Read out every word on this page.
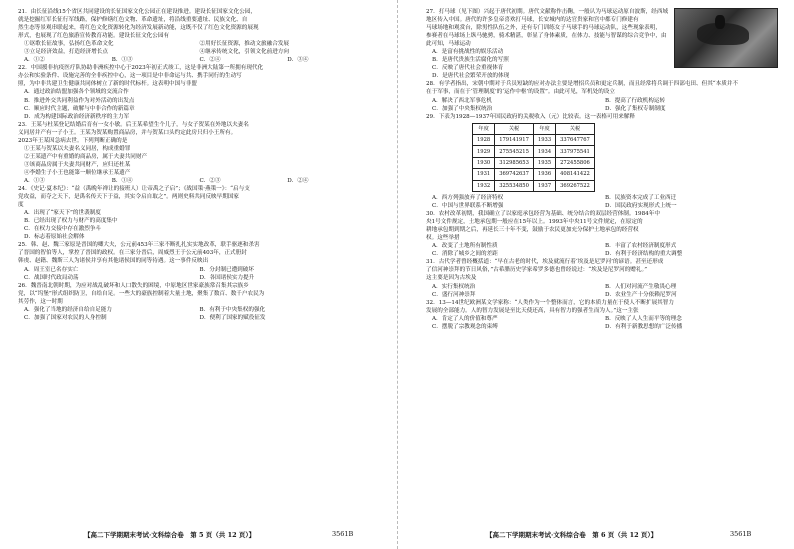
21．由长征沿线15个省区共同建设的长征国家文化公园正在建设推进。建设长征国家文化公园，

就是挖掘红军长征行军线路，保护修缮红色文物、革命遗址，将沿线重要遗址、民族文化、自

然生态等景观串联起来，将红色文化资源转化为经济发展新动能，这既不仅了红色文化资源的展现

形式，也展现了红色旅游宣传教育功能。建设长征文化公园有

①讴歌长征故事，弘扬红色革命文化	②用好长征资源，推动文旅融合发展
③立足经济效益，打造经济增长点	④继承传统文化，引领文化前进方向
A．①②	B．①③	C．②④	D．③④

22．中国援非抗疫医疗队协助非洲疾控中心于2023年初正式竣工，这是非洲大陆第一所拥有现代化

办公和实验条件、设施完善的全非疾控中心，这一项目是中非命运与共、携手同行的生动写

照，为中非共建卫生健康共同体树立了新的时代标杆。这表明中国与非盟

A．通过政治结盟加强各个领域的交流合作

B．推进外交共同利益作为对外活动的出发点

C．顺应时代主题，破解与中非合作的新篇章

D．成为构建国际政治经济新秩序的主力军

23．王某与杜某登记结婚后育有一女小敏。后王某希望生个儿子，与女子贺某在外地以夫妻名

义同居并产有一子小王。王某为贺某购置商品房，并与贺某口头约定此房只归小王所有。

2023年王某因急病去世。下列判断正确的是

①王某与贺某以夫妻名义同居，构成重婚罪

②王某遗产中有重婚的商品房，属于夫妻共同财产

③该商品房属于夫妻共同财产，应归还杜某

④李婚生子小王也能第一顺位继承王某遗产

A．①③	B．①④	C．②③	D．②④

24．《史记·夏本纪》：“益（禹晚年禅让的接班人）让帝禹之子启”；《战国策·燕策一》：“启与支

党攻益，而夺之天下，是禹名传天下于益，其实令启自取之”。两则史料共同反映早期国家

度

A．出现了“家天下”的世袭制度

B．已经出现了权力与财产的高度集中

C．在权力交接中存在激烈争斗

D．标志着原始社会解体

25．韩、赵、魏三家原是晋国的卿大夫，公元前453年三家不断扎扎实实地改革，联手驱逐和杀害

了晋国的智伯等人，掌控了晋国的政权。在三家分晋后，周威烈王于公元前403年，正式册封

韩虔、赵籍、魏斯三人为诸侯并享有其他诸侯国的同等待遇。这一事件反映出

A．周王室已名存实亡	B．分封制已遭到破坏
C．战国时代政局动荡	D．各国诸侯实力提升

26．魏晋南北朝时期，为应对战乱破坏和人口散失的困境，中原地区世家豪族常召集其宗族乡

党，以“坞堡”形式组织防卫，自给自足。一些大的豪族控制着大量土地，聚集了数百、数千户农民为

其劳作，这一时期

A．强化了当地的经济自给自足能力	B．有利于中央集权的强化
C．加强了国家对农民的人身控制	D．便利了国家的赋役征发
【高二下学期期末考试·文科综合卷　第 5 页（共 12 页）】	3561B

27．打马球（见下图）兴起于唐代初期。唐代文献称作击鞠，一般认为马球运动原自波斯，经西域

地区传入中国。唐代的许多皇帝喜欢打马球，长安城内的达官贵家和宫中都专门修建有

马球场地和观赏台，除男性队伍之外，还有专门训练女子马球手的马球运动队，这些现象表明，

参赛者在马球场上纵马驰骋，骑术精湛，彰显了身体素质，在体力、技能与智谋的综合竞争中，由此可知，马球运动

A．是富有挑战性的娱乐活动

B．是唐代贵族生活腐化的写照

C．反映了唐代社会重视体育

D．是唐代社会繁荣开放的体现

28．有学者指出，宋朝中期对于兵员短缺的应对办法主要是增招兵员和更定兵制，而且经常将兵调于四部屯田、但其“本质并不

在于军事，而在于‘管理制度’的‘运作中枢’的设置”。由此可见，军机处的设立

A．解决了西北军事危机	B．提高了行政机构运转
C．加强了中央集权统治	D．强化了集权专制制度

29．下表为1928—1937年国民政府的关税收入（元）比较表。这一表格可用来解释

年度	关税	年度	关税
1928	179141917	1933	337647767
1929	275545215	1934	337975541
1930	312985653	1935	272455806
1931	369742637	1936	408141422
1932	325534850	1937	369267522
A．西方列强放弃了经济特权	B．民族资本完成了工业西迁
C．中国与世界联系不断增强	D．国民政府实现形式上统一

30．农村改革初期，我国确立了以家庭承包经营为基础、统分结合的双层经营体制。1984年中

央1号文件规定，土地承包期一般应在15年以上。1993年中央11号文件规定，在原定的

耕地承包期到期之后，再延长三十年不变，鼓励于农民更加充分保护土地承包的经营权

权。这些举措

A．改变了土地所有制性质	B．丰富了农村经济制度形式
C．消除了城乡之间的差距	D．有利于经济结构的重大调整

31．古代学者曾经概括道：“早在古老的时代，埃及就流行着‘埃及是尼罗河’的谚语。甚至还形成

了信河神崇拜的节日风俗，”古希腊历史学家希罗多德也曾经说过：“埃及是尼罗河的赠礼。”

这主要是因为古埃及

A．实行集权统治	B．人们对河流产生敬畏心理
C．盛行河神崇拜	D．农业生产十分依赖尼罗河

32．13—14世纪欧洲某文学家称：“人类作为一个整体而言，它的本质力量在于使人不断扩展其智力

发展的全部能力。人的智力发展是至比天使还高，具有智力的强者生而为人。”这一主张

A．肯定了人的价值和尊严	B．反映了人人生而平等的理念
C．摆脱了宗教观念的束缚	D．有利于新教思想的广泛传播
【高二下学期期末考试·文科综合卷　第 6 页（共 12 页）】	3561B
